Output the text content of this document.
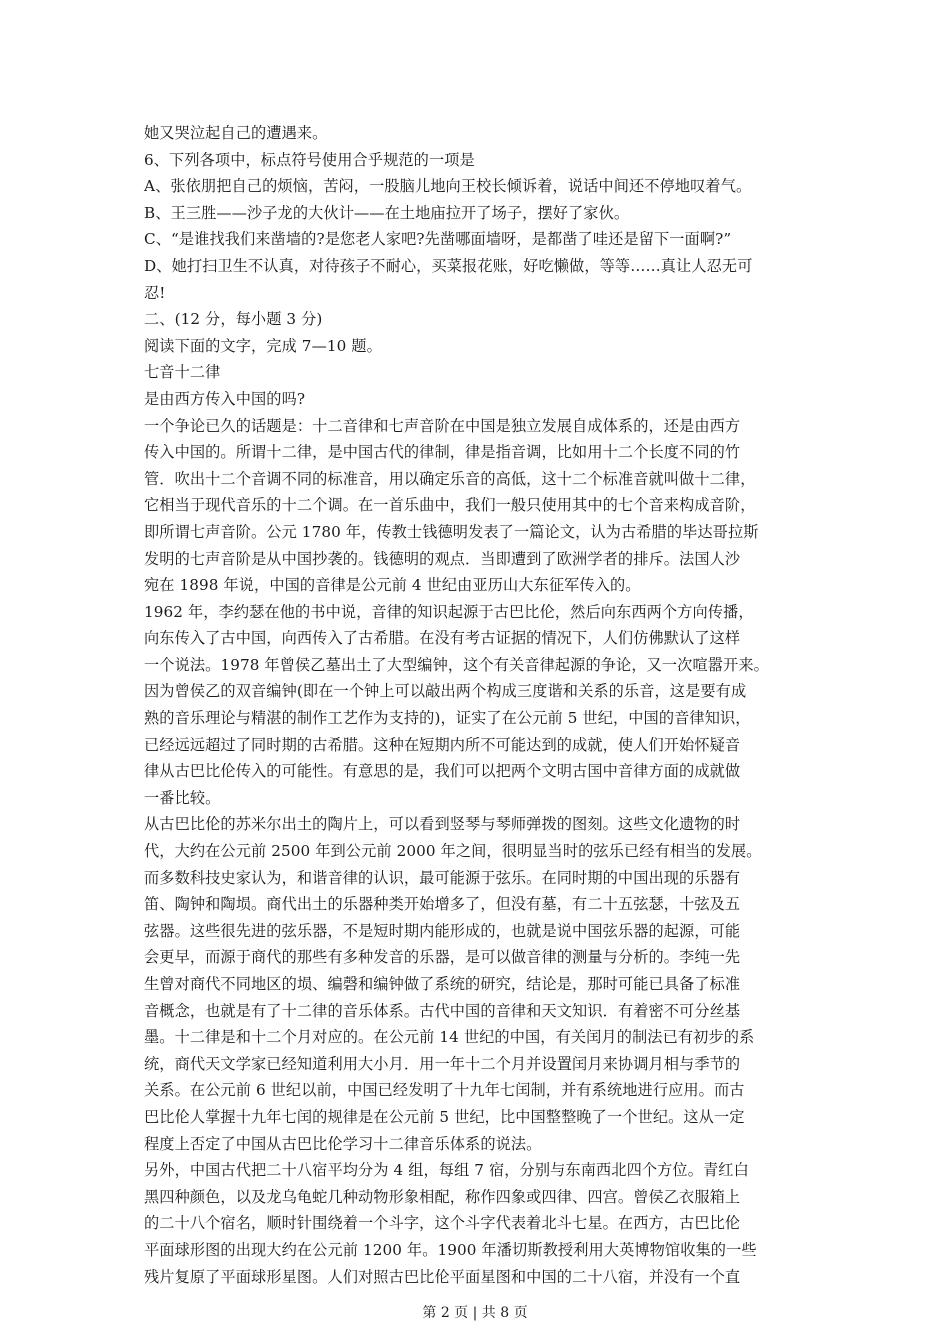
她又哭泣起自己的遭遇来。
6、下列各项中，标点符号使用合乎规范的一项是
A、张依朋把自己的烦恼，苦闷，一股脑儿地向王校长倾诉着，说话中间还不停地叹着气。
B、王三胜——沙子龙的大伙计——在土地庙拉开了场子，摆好了家伙。
C、“是谁找我们来凿墙的?是您老人家吧?先凿哪面墙呀，是都凿了哇还是留下一面啊?”
D、她打扫卫生不认真，对待孩子不耐心，买菜报花账，好吃懒做，等等……真让人忍无可
忍!
二、(12 分，每小题 3 分)
阅读下面的文字，完成 7—10 题。
七音十二律
是由西方传入中国的吗?
一个争论已久的话题是：十二音律和七声音阶在中国是独立发展自成体系的，还是由西方
传入中国的。所谓十二律，是中国古代的律制，律是指音调，比如用十二个长度不同的竹
管．吹出十二个音调不同的标准音，用以确定乐音的高低，这十二个标准音就叫做十二律，
它相当于现代音乐的十二个调。在一首乐曲中，我们一般只使用其中的七个音来构成音阶，
即所谓七声音阶。公元 1780 年，传教士钱德明发表了一篇论文，认为古希腊的毕达哥拉斯
发明的七声音阶是从中国抄袭的。钱德明的观点．当即遭到了欧洲学者的排斥。法国人沙
宛在 1898 年说，中国的音律是公元前 4 世纪由亚历山大东征军传入的。
1962 年，李约瑟在他的书中说，音律的知识起源于古巴比伦，然后向东西两个方向传播，
向东传入了古中国，向西传入了古希腊。在没有考古证据的情况下，人们仿佛默认了这样
一个说法。1978 年曾侯乙墓出土了大型编钟，这个有关音律起源的争论，又一次喧嚣开来。
因为曾侯乙的双音编钟(即在一个钟上可以敲出两个构成三度谐和关系的乐音，这是要有成
熟的音乐理论与精湛的制作工艺作为支持的)，证实了在公元前 5 世纪，中国的音律知识，
已经远远超过了同时期的古希腊。这种在短期内所不可能达到的成就，使人们开始怀疑音
律从古巴比伦传入的可能性。有意思的是，我们可以把两个文明古国中音律方面的成就做
一番比较。
从古巴比伦的苏米尔出土的陶片上，可以看到竖琴与琴师弹拨的图刻。这些文化遗物的时
代，大约在公元前 2500 年到公元前 2000 年之间，很明显当时的弦乐已经有相当的发展。
而多数科技史家认为，和谐音律的认识，最可能源于弦乐。在同时期的中国出现的乐器有
笛、陶钟和陶埙。商代出土的乐器种类开始增多了，但没有墓，有二十五弦瑟，十弦及五
弦器。这些很先进的弦乐器，不是短时期内能形成的，也就是说中国弦乐器的起源，可能
会更早，而源于商代的那些有多种发音的乐器，是可以做音律的测量与分析的。李纯一先
生曾对商代不同地区的埙、编磬和编钟做了系统的研究，结论是，那时可能已具备了标准
音概念，也就是有了十二律的音乐体系。古代中国的音律和天文知识．有着密不可分丝基
墨。十二律是和十二个月对应的。在公元前 14 世纪的中国，有关闰月的制法已有初步的系
统，商代天文学家已经知道利用大小月．用一年十二个月并设置闰月来协调月相与季节的
关系。在公元前 6 世纪以前，中国已经发明了十九年七闰制，并有系统地进行应用。而古
巴比伦人掌握十九年七闰的规律是在公元前 5 世纪，比中国整整晚了一个世纪。这从一定
程度上否定了中国从古巴比伦学习十二律音乐体系的说法。
另外，中国古代把二十八宿平均分为 4 组，每组 7 宿，分别与东南西北四个方位。青红白
黑四种颜色，以及龙乌龟蛇几种动物形象相配，称作四象或四律、四宫。曾侯乙衣服箱上
的二十八个宿名，顺时针围绕着一个斗字，这个斗字代表着北斗七星。在西方，古巴比伦
平面球形图的出现大约在公元前 1200 年。1900 年潘切斯教授利用大英博物馆收集的一些
残片复原了平面球形星图。人们对照古巴比伦平面星图和中国的二十八宿，并没有一个直
第 2 页 | 共 8 页
